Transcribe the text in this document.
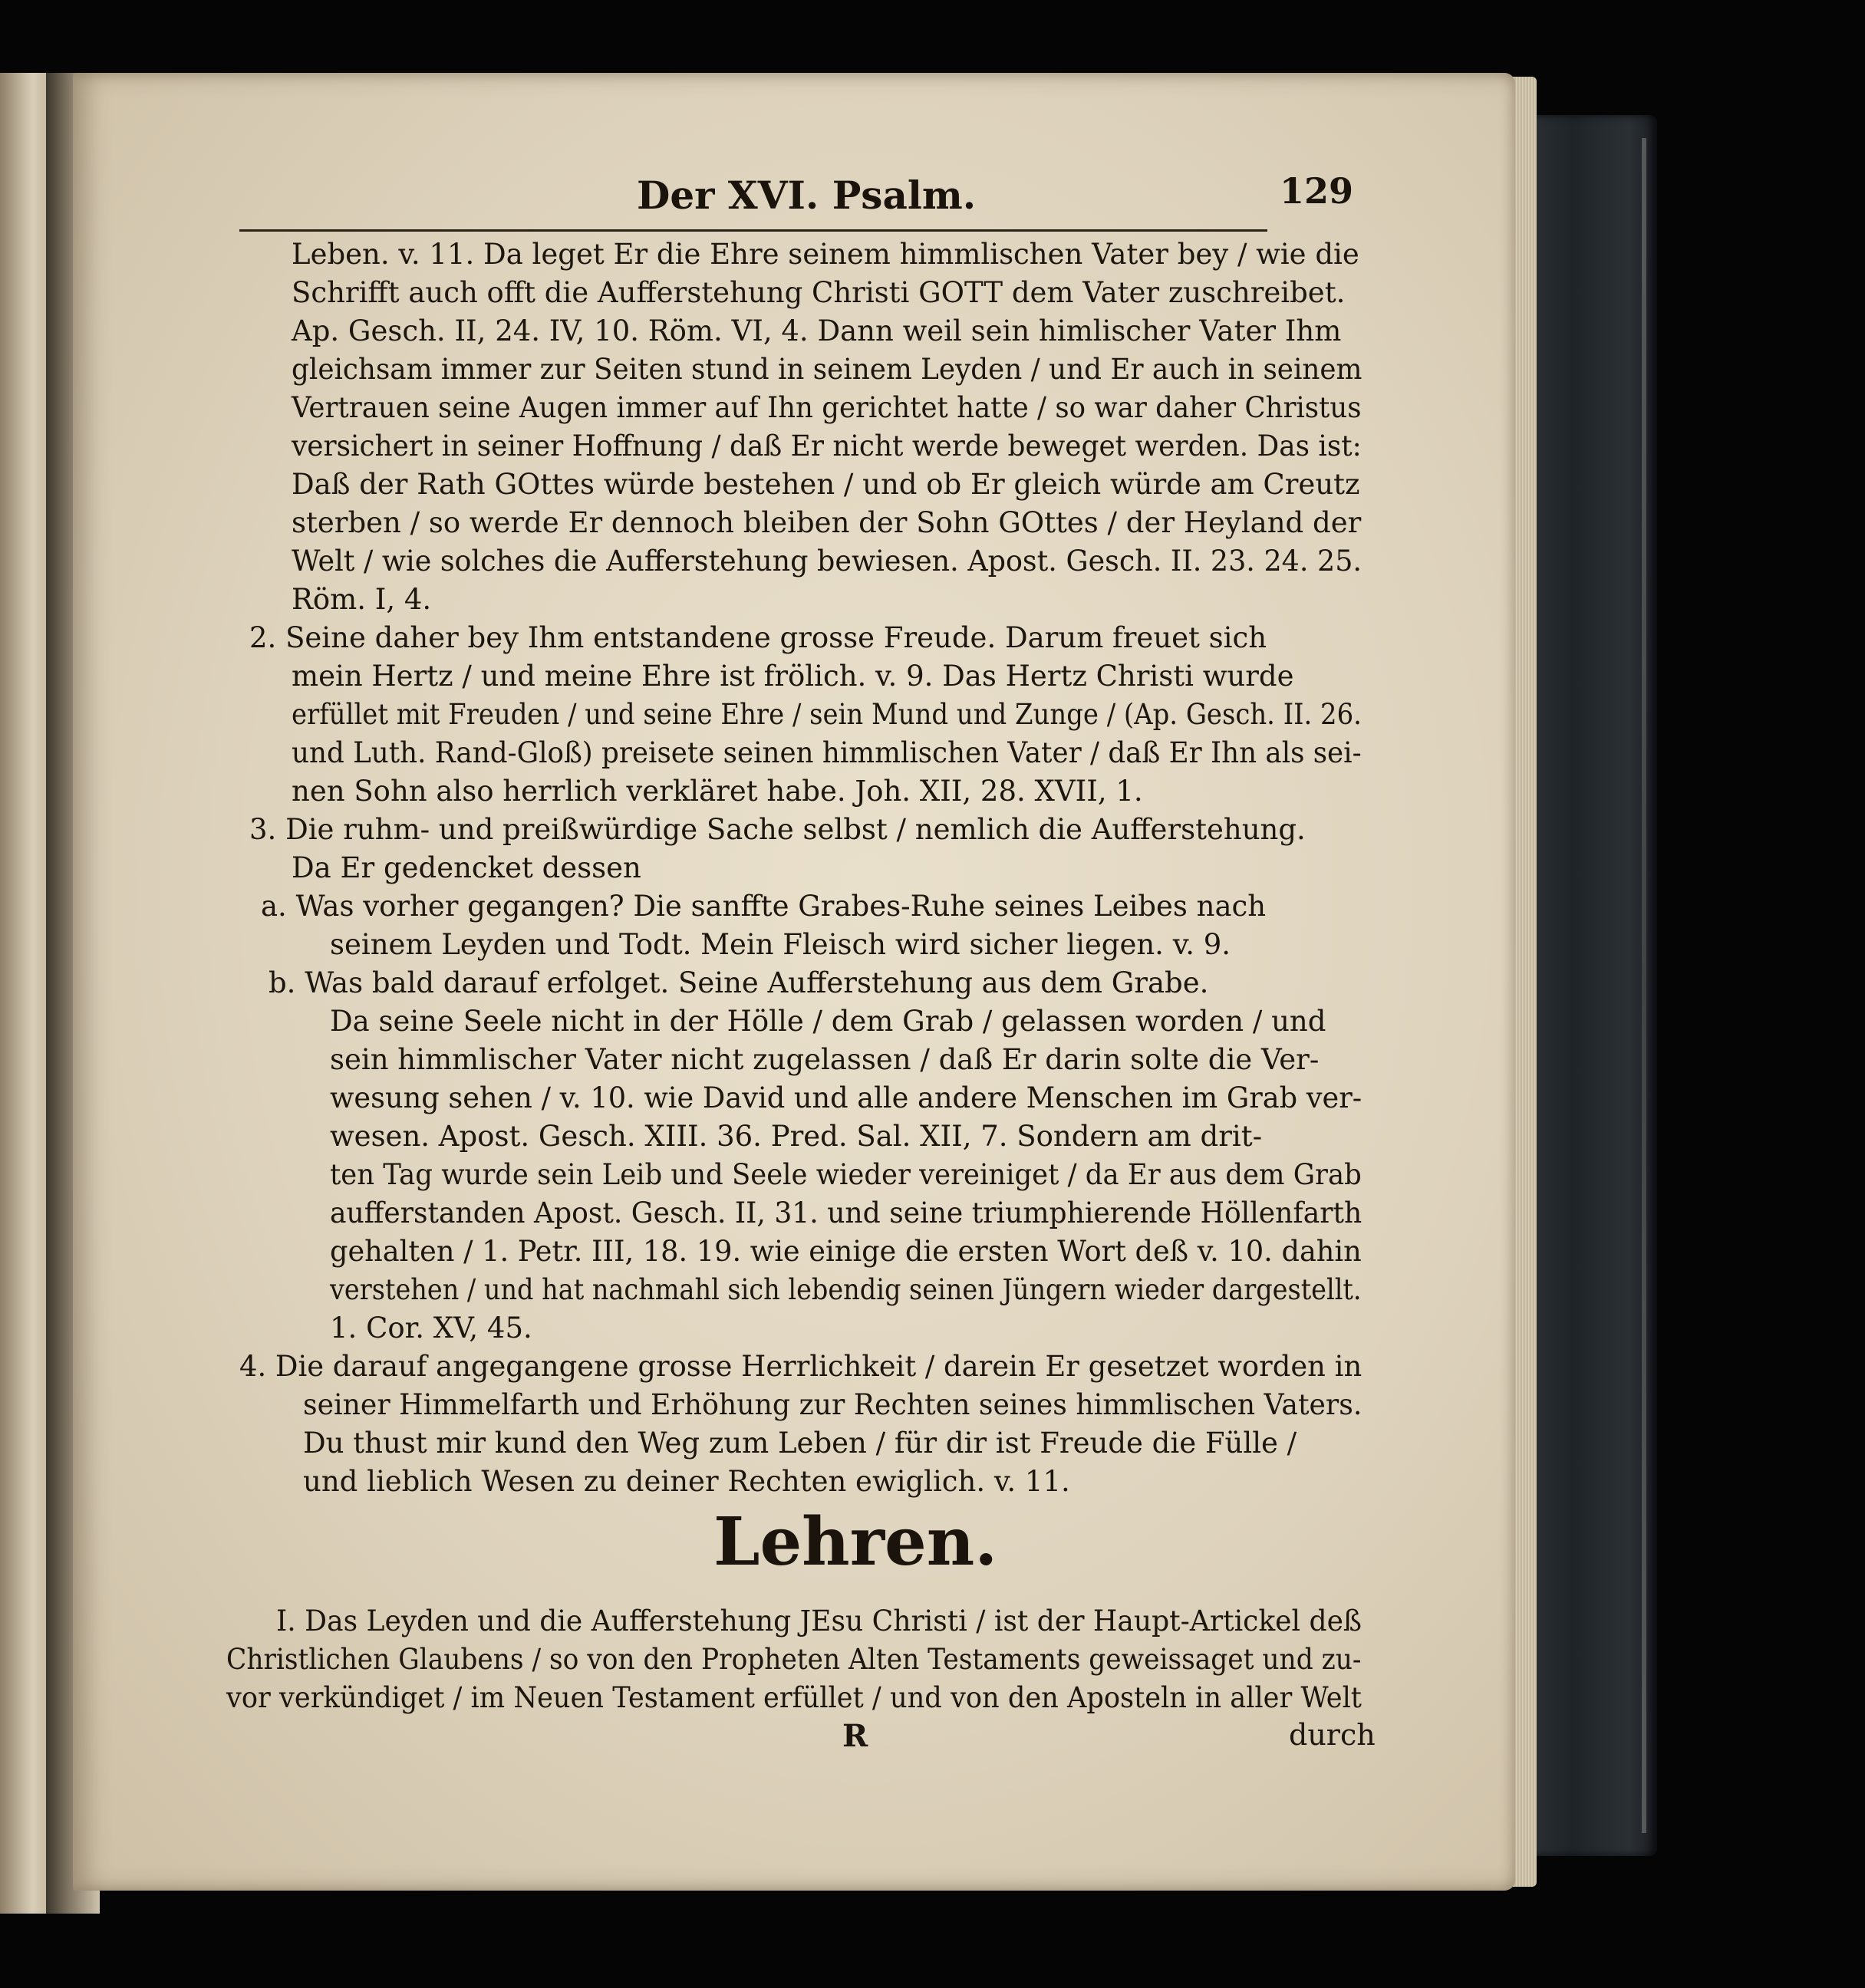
Der XVI. Psalm.	129

Leben. v. 11. Da leget Er die Ehre seinem himmlischen Vater bey / wie die

Schrifft auch offt die Aufferstehung Christi GOTT dem Vater zuschreibet.

Ap. Gesch. II, 24. IV, 10. Röm. VI, 4. Dann weil sein himlischer Vater Ihm

gleichsam immer zur Seiten stund in seinem Leyden / und Er auch in seinem

Vertrauen seine Augen immer auf Ihn gerichtet hatte / so war daher Christus

versichert in seiner Hoffnung / daß Er nicht werde beweget werden. Das ist:

Daß der Rath GOttes würde bestehen / und ob Er gleich würde am Creutz

sterben / so werde Er dennoch bleiben der Sohn GOttes / der Heyland der

Welt / wie solches die Aufferstehung bewiesen. Apost. Gesch. II. 23. 24. 25.

Röm. I, 4.

2. Seine daher bey Ihm entstandene grosse Freude. Darum freuet sich

mein Hertz / und meine Ehre ist frölich. v. 9. Das Hertz Christi wurde

erfüllet mit Freuden / und seine Ehre / sein Mund und Zunge / (Ap. Gesch. II. 26.

und Luth. Rand-Gloß) preisete seinen himmlischen Vater / daß Er Ihn als sei-

nen Sohn also herrlich verkläret habe. Joh. XII, 28. XVII, 1.

3. Die ruhm- und preißwürdige Sache selbst / nemlich die Aufferstehung.

Da Er gedencket dessen

a. Was vorher gegangen? Die sanffte Grabes-Ruhe seines Leibes nach

seinem Leyden und Todt. Mein Fleisch wird sicher liegen. v. 9.

b. Was bald darauf erfolget. Seine Aufferstehung aus dem Grabe.

Da seine Seele nicht in der Hölle / dem Grab / gelassen worden / und

sein himmlischer Vater nicht zugelassen / daß Er darin solte die Ver-

wesung sehen / v. 10. wie David und alle andere Menschen im Grab ver-

wesen. Apost. Gesch. XIII. 36. Pred. Sal. XII, 7. Sondern am drit-

ten Tag wurde sein Leib und Seele wieder vereiniget / da Er aus dem Grab

aufferstanden Apost. Gesch. II, 31. und seine triumphierende Höllenfarth

gehalten / 1. Petr. III, 18. 19. wie einige die ersten Wort deß v. 10. dahin

verstehen / und hat nachmahl sich lebendig seinen Jüngern wieder dargestellt.

1. Cor. XV, 45.

4. Die darauf angegangene grosse Herrlichkeit / darein Er gesetzet worden in

seiner Himmelfarth und Erhöhung zur Rechten seines himmlischen Vaters.

Du thust mir kund den Weg zum Leben / für dir ist Freude die Fülle /

und lieblich Wesen zu deiner Rechten ewiglich. v. 11.

Lehren.

I. Das Leyden und die Aufferstehung JEsu Christi / ist der Haupt-Artickel deß

Christlichen Glaubens / so von den Propheten Alten Testaments geweissaget und zu-

vor verkündiget / im Neuen Testament erfüllet / und von den Aposteln in aller Welt

R	durch
